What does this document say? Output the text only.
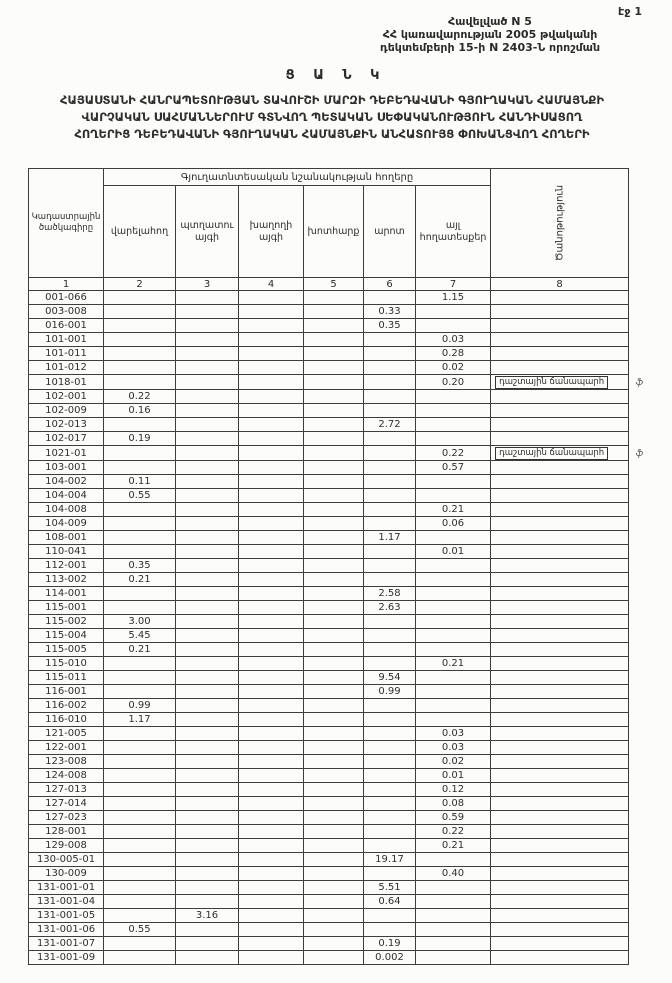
էջ 1
Հավելված N 5
ՀՀ կառավարության 2005 թվականի
դեկտեմբերի 15-ի N 2403-Ն որոշման
Ց Ա Ն Կ
ՀԱՅԱՍՏԱՆԻ ՀԱՆՐԱՊԵՏՈՒԹՅԱՆ ՏԱՎՈՒՇԻ ՄԱՐԶԻ ԴԵԲԵԴԱՎԱՆԻ ԳՅՈՒՂԱԿԱՆ ՀԱՄԱՅՆՔԻ
ՎԱՐՉԱԿԱՆ ՍԱՀՄԱՆՆԵՐՈՒՄ ԳՏՆՎՈՂ ՊԵՏԱԿԱՆ ՍԵՓԱԿԱՆՈՒԹՅՈՒՆ ՀԱՆԴԻՍԱՑՈՂ
ՀՈՂԵՐԻՑ ԴԵԲԵԴԱՎԱՆԻ ԳՅՈՒՂԱԿԱՆ ՀԱՄԱՅՆՔԻՆ ԱՆՀԱՏՈՒՅՑ ՓՈԽԱՆՑՎՈՂ ՀՈՂԵՐԻ
Կադաստրային ծածկագիրը	Գյուղատնտեսական նշանակության հողերը						Ծանոթություն

	վարելահող	պտղատու այգի	խաղողի այգի	խոտհարք	արոտ	այլ հողատեսքեր	
1	2	3	4	5	6	7	8
001-066						1.15	
003-008					0.33		
016-001					0.35		
101-001						0.03	
101-011						0.28	
101-012						0.02	
1018-01						0.20	դաշտային ճանապարհ ֆ

102-001	0.22						
102-009	0.16						
102-013					2.72		
102-017	0.19						
1021-01						0.22	դաշտային ճանապարհ ֆ

103-001						0.57	
104-002	0.11						
104-004	0.55						
104-008						0.21	
104-009						0.06	
108-001					1.17		
110-041						0.01	
112-001	0.35						
113-002	0.21						
114-001					2.58		
115-001					2.63		
115-002	3.00						
115-004	5.45						
115-005	0.21						
115-010						0.21	
115-011					9.54		
116-001					0.99		
116-002	0.99						
116-010	1.17						
121-005						0.03	
122-001						0.03	
123-008						0.02	
124-008						0.01	
127-013						0.12	
127-014						0.08	
127-023						0.59	
128-001						0.22	
129-008						0.21	
130-005-01					19.17		
130-009						0.40	
131-001-01					5.51		
131-001-04					0.64		
131-001-05		3.16					
131-001-06	0.55						
131-001-07					0.19		
131-001-09					0.002		
